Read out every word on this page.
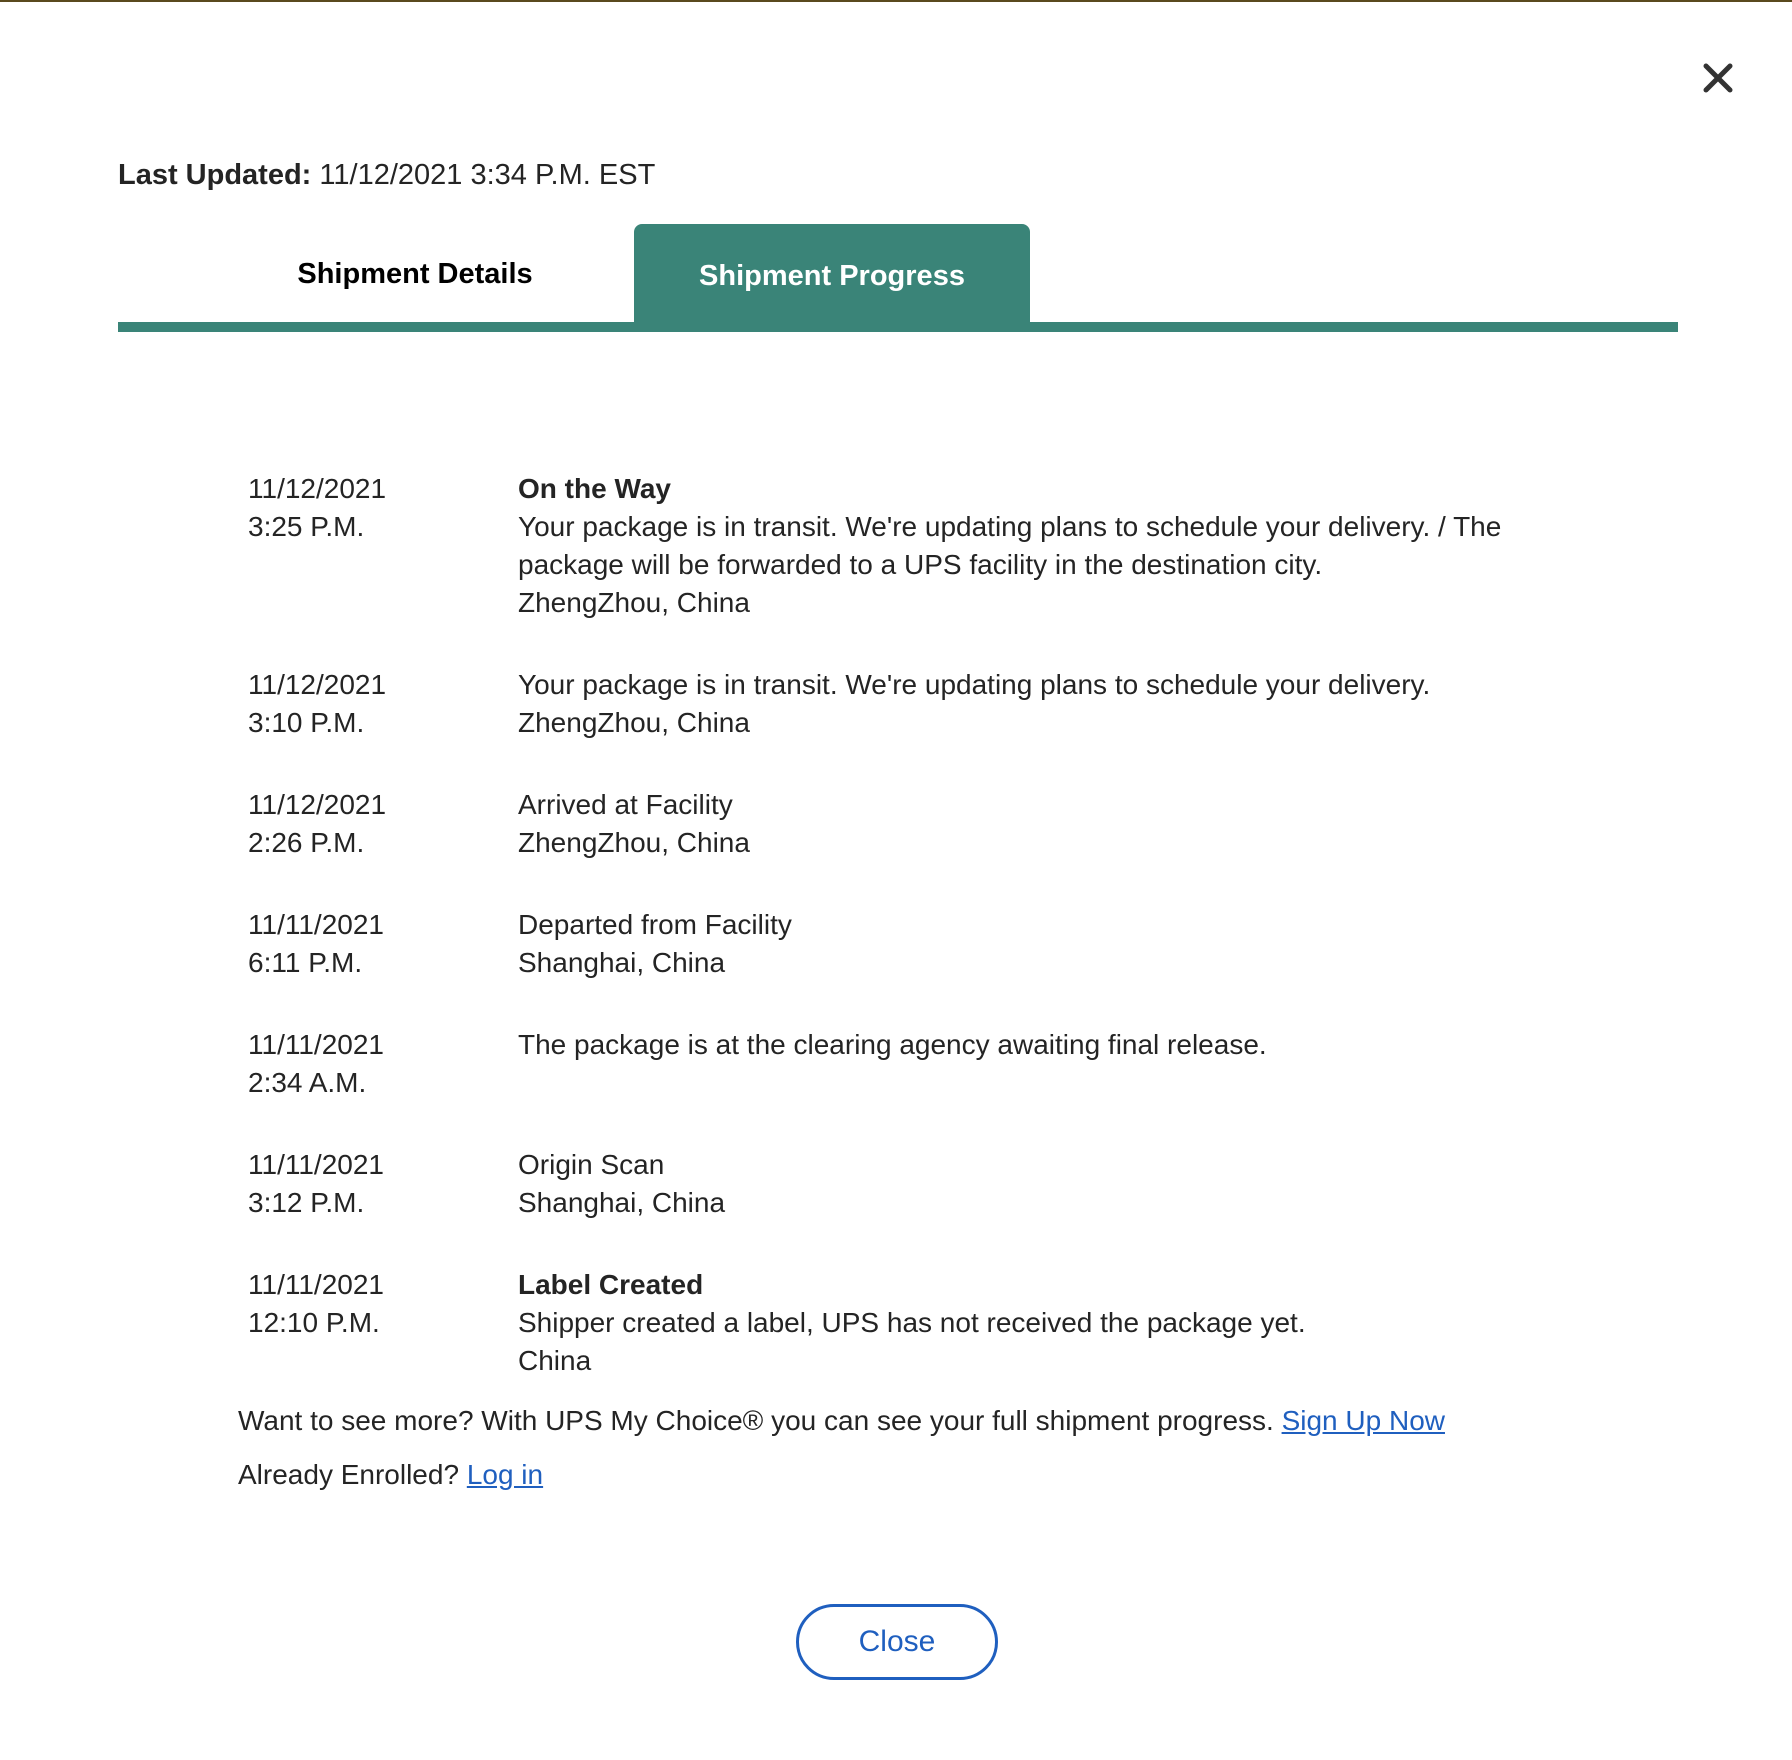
Last Updated: 11/12/2021 3:34 P.M. EST
Shipment Details	Shipment Progress
11/12/2021
3:25 P.M.
On the Way
Your package is in transit. We're updating plans to schedule your delivery. / The package will be forwarded to a UPS facility in the destination city.
ZhengZhou, China
11/12/2021
3:10 P.M.
Your package is in transit. We're updating plans to schedule your delivery.
ZhengZhou, China
11/12/2021
2:26 P.M.
Arrived at Facility
ZhengZhou, China
11/11/2021
6:11 P.M.
Departed from Facility
Shanghai, China
11/11/2021
2:34 A.M.
The package is at the clearing agency awaiting final release.
11/11/2021
3:12 P.M.
Origin Scan
Shanghai, China
11/11/2021
12:10 P.M.
Label Created
Shipper created a label, UPS has not received the package yet.
China

Want to see more? With UPS My Choice® you can see your full shipment progress. Sign Up Now

Already Enrolled? Log in

Close
